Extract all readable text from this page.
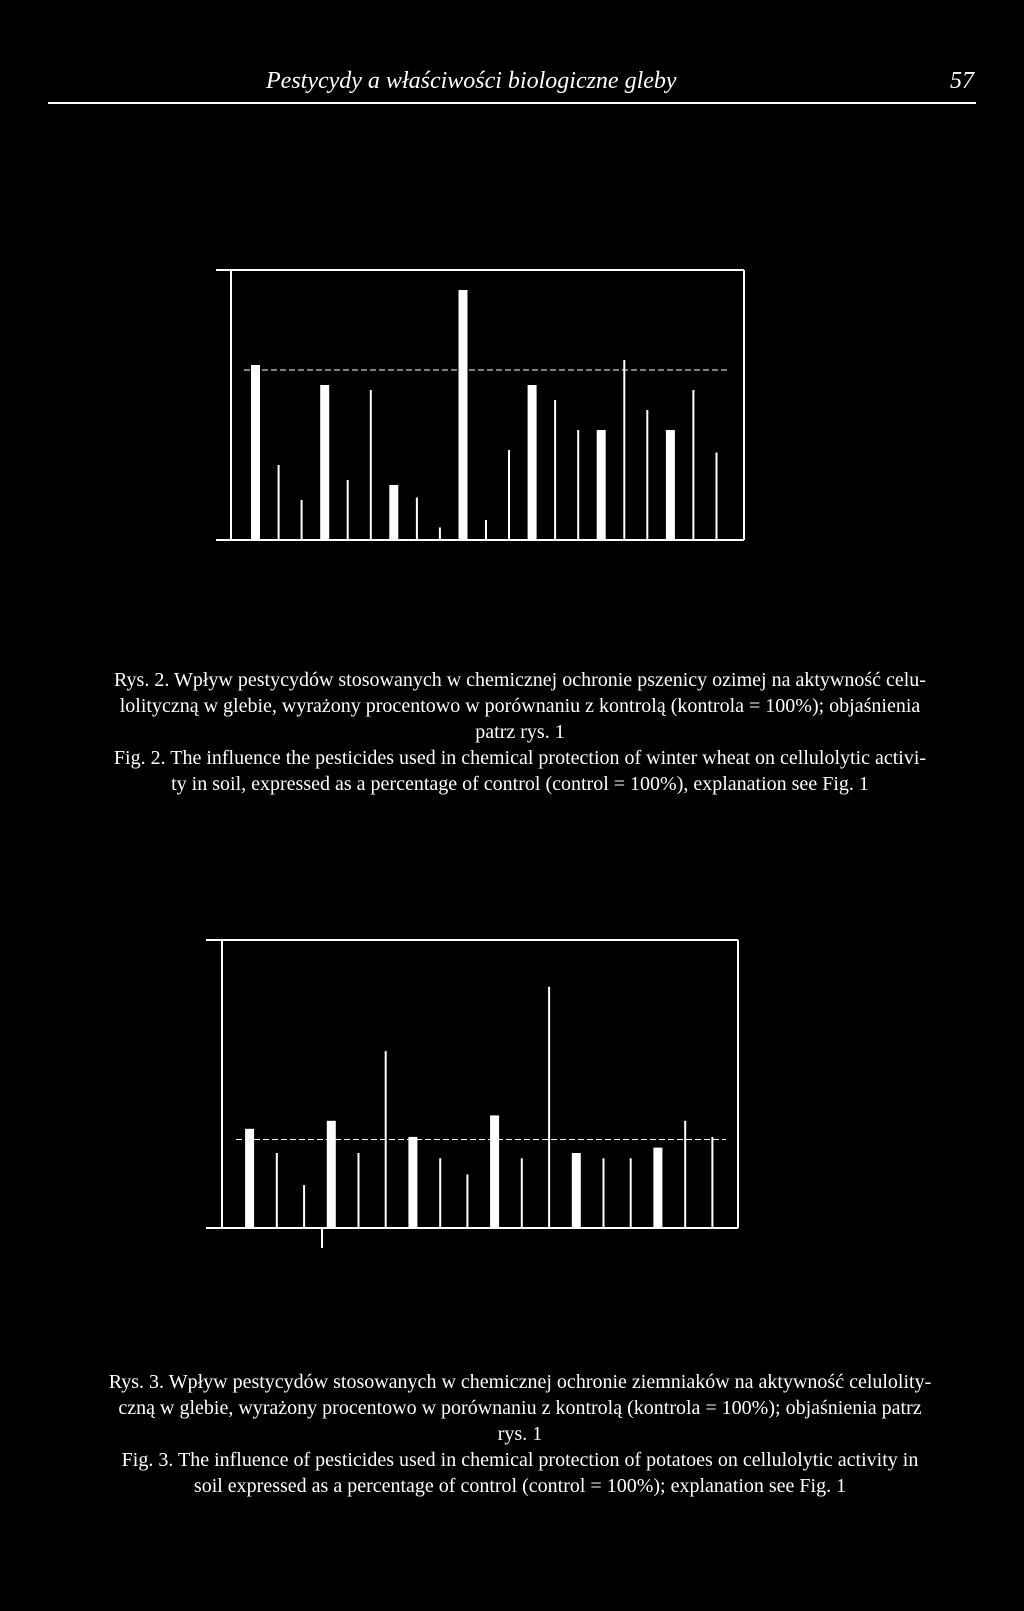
Pestycydy a właściwości biologiczne gleby	57
Rys. 2. Wpływ pestycydów stosowanych w chemicznej ochronie pszenicy ozimej na aktywność celu-
lolityczną w glebie, wyrażony procentowo w porównaniu z kontrolą (kontrola = 100%); objaśnienia
patrz rys. 1
Fig. 2. The influence the pesticides used in chemical protection of winter wheat on cellulolytic activi-
ty in soil, expressed as a percentage of control (control = 100%), explanation see Fig. 1
Rys. 3. Wpływ pestycydów stosowanych w chemicznej ochronie ziemniaków na aktywność celulolity-
czną w glebie, wyrażony procentowo w porównaniu z kontrolą (kontrola = 100%); objaśnienia patrz
rys. 1
Fig. 3. The influence of pesticides used in chemical protection of potatoes on cellulolytic activity in
soil expressed as a percentage of control (control = 100%); explanation see Fig. 1
